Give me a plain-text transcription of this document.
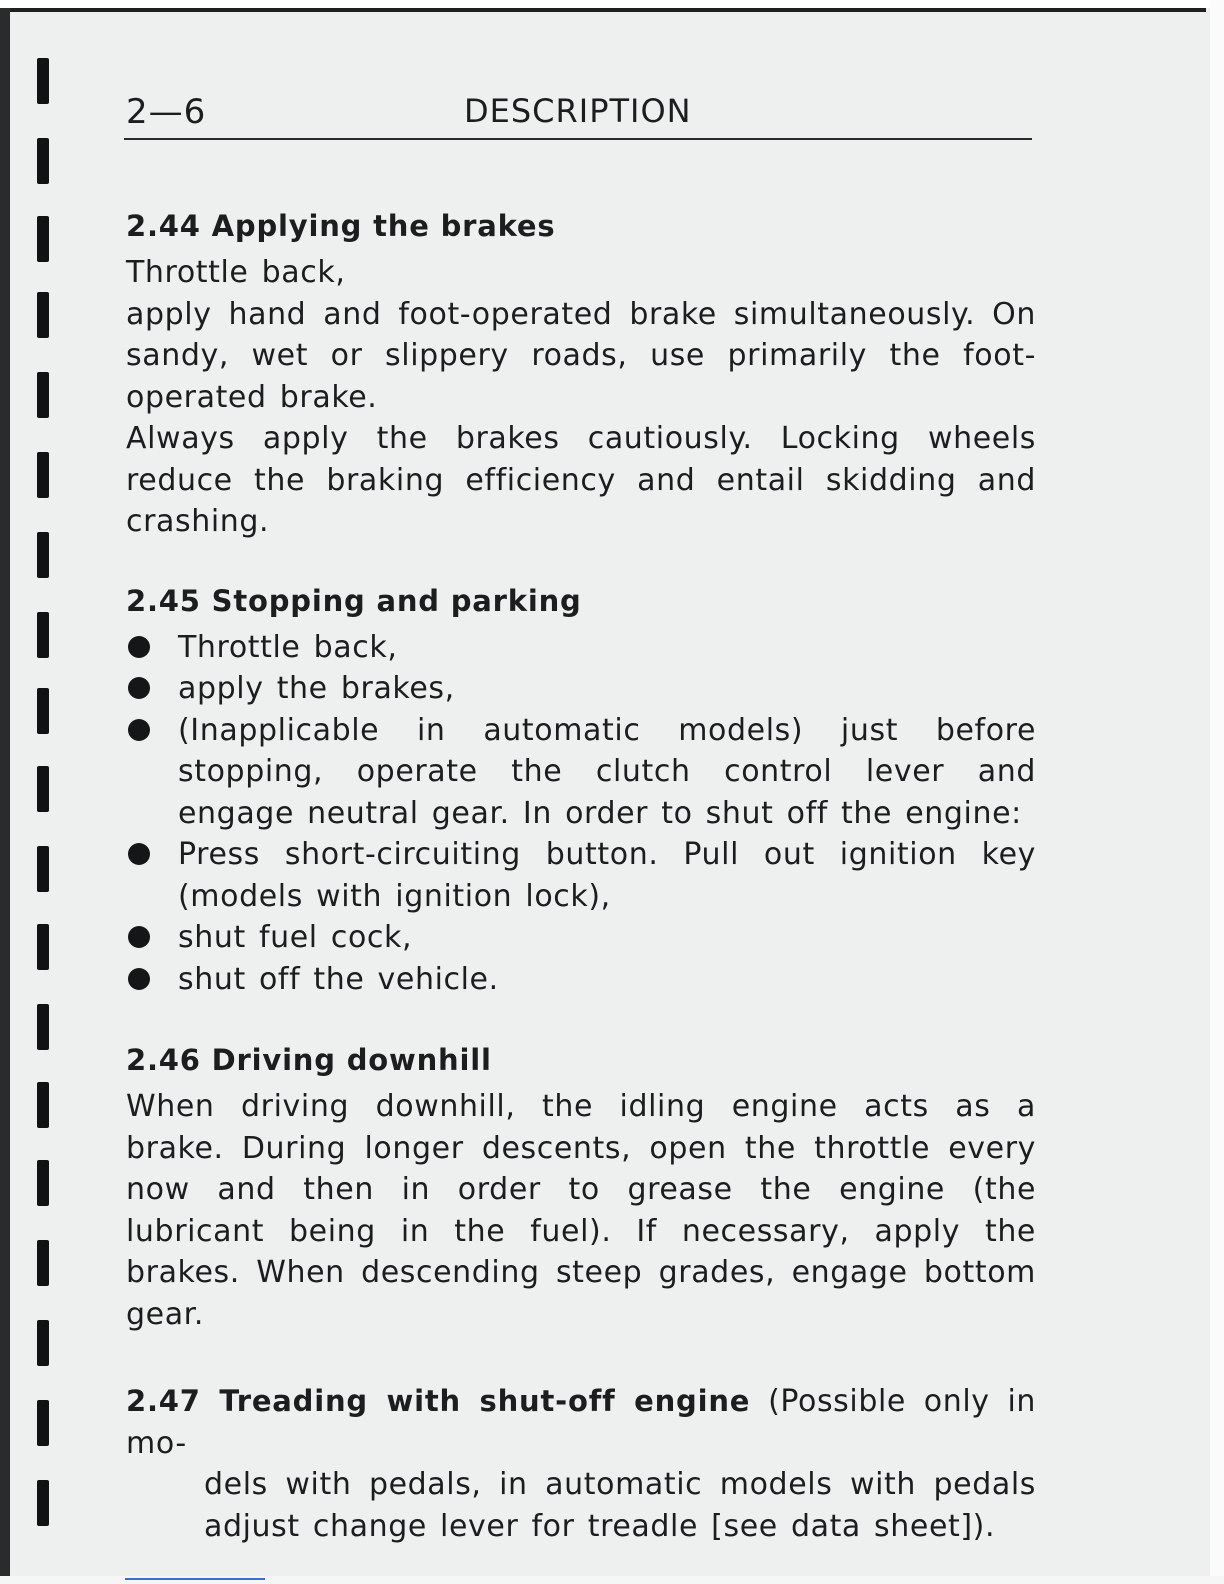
2—6	DESCRIPTION
2.44 Applying the brakes

Throttle back,

apply hand and foot-operated brake simultaneously. On sandy, wet or slippery roads, use primarily the foot-operated brake.

Always apply the brakes cautiously. Locking wheels reduce the braking efficiency and entail skidding and crashing.

2.45 Stopping and parking
Throttle back,
apply the brakes,
(Inapplicable in automatic models) just before stopping, operate the clutch control lever and engage neutral gear. In order to shut off the engine:
Press short-circuiting button. Pull out ignition key (models with ignition lock),
shut fuel cock,
shut off the vehicle.
2.46 Driving downhill

When driving downhill, the idling engine acts as a brake. During longer descents, open the throttle every now and then in order to grease the engine (the lubricant being in the fuel). If necessary, apply the brakes. When descending steep grades, engage bottom gear.

2.47 Treading with shut-off engine (Possible only in mo-
dels with pedals, in automatic models with pedals adjust change lever for treadle [see data sheet]).
